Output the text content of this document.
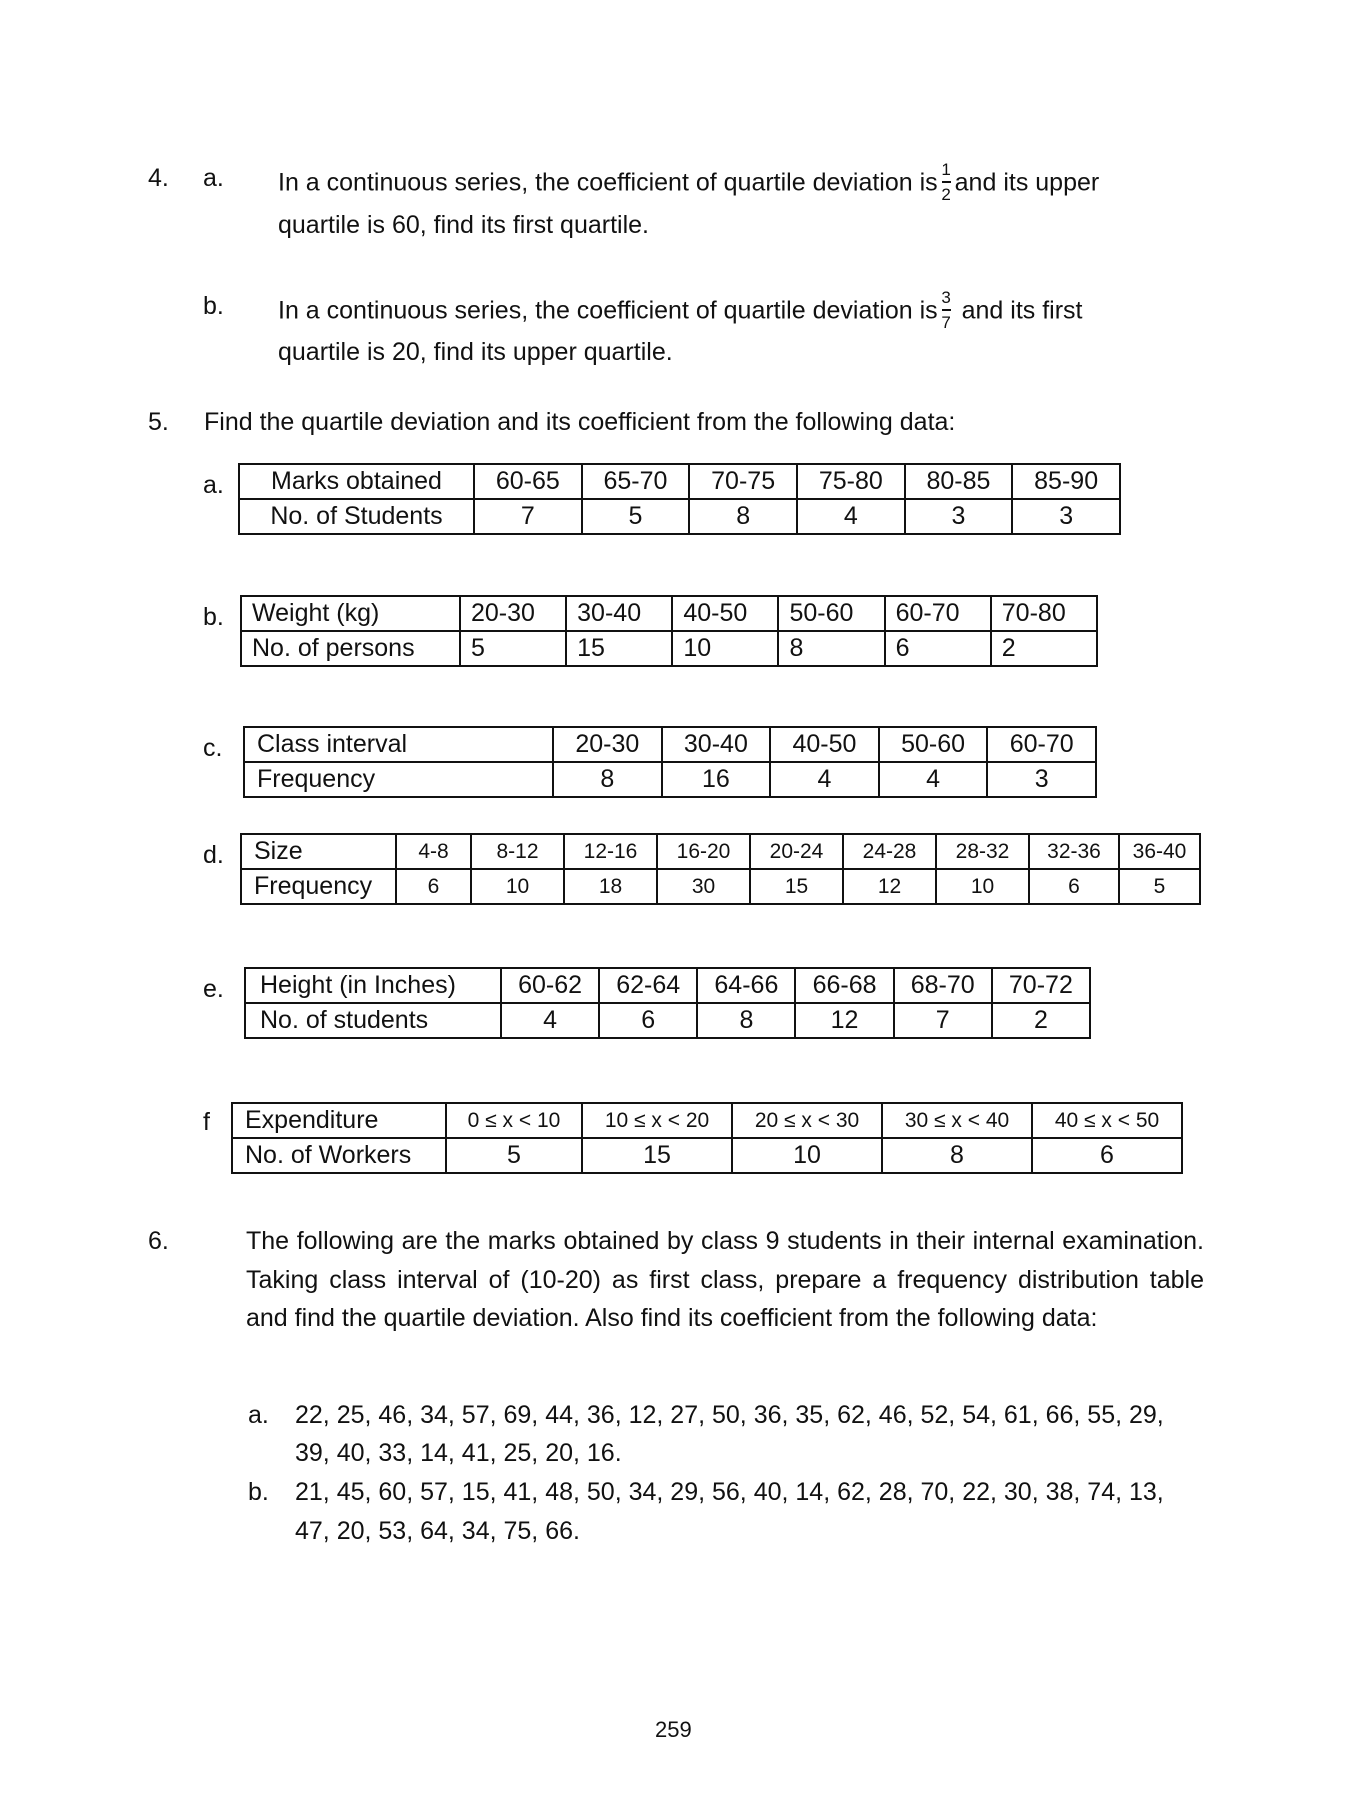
4. a. In a continuous series, the coefficient of quartile deviation is $\frac{1}{2}$ and its upper
quartile is 60, find its first quartile.
b. In a continuous series, the coefficient of quartile deviation is $\frac{3}{7}$ and its first
quartile is 20, find its upper quartile.
5. Find the quartile deviation and its coefficient from the following data:
a. Marks obtained	60-65	65-70	70-75	75-80	80-85	85-90
No. of Students	7	5	8	4	3	3
b. Weight (kg)	20-30	30-40	40-50	50-60	60-70	70-80
No. of persons	5	15	10	8	6	2
c. Class interval	20-30	30-40	40-50	50-60	60-70
Frequency	8	16	4	4	3
d. Size	4-8	8-12	12-16	16-20	20-24	24-28	28-32	32-36	36-40
Frequency	6	10	18	30	15	12	10	6	5
e. Height (in Inches)	60-62	62-64	64-66	66-68	68-70	70-72
No. of students	4	6	8	12	7	2
f Expenditure	0 ≤ x < 10	10 ≤ x < 20	20 ≤ x < 30	30 ≤ x < 40	40 ≤ x < 50
No. of Workers	5	15	10	8	6
6.	The following are the marks obtained by class 9 students in their internal examination. Taking class interval of (10-20) as first class, prepare a frequency distribution table and find the quartile deviation. Also find its coefficient from the following data:
a. 22, 25, 46, 34, 57, 69, 44, 36, 12, 27, 50, 36, 35, 62, 46, 52, 54, 61, 66, 55, 29,
39, 40, 33, 14, 41, 25, 20, 16.
b. 21, 45, 60, 57, 15, 41, 48, 50, 34, 29, 56, 40, 14, 62, 28, 70, 22, 30, 38, 74, 13,
47, 20, 53, 64, 34, 75, 66.
259
